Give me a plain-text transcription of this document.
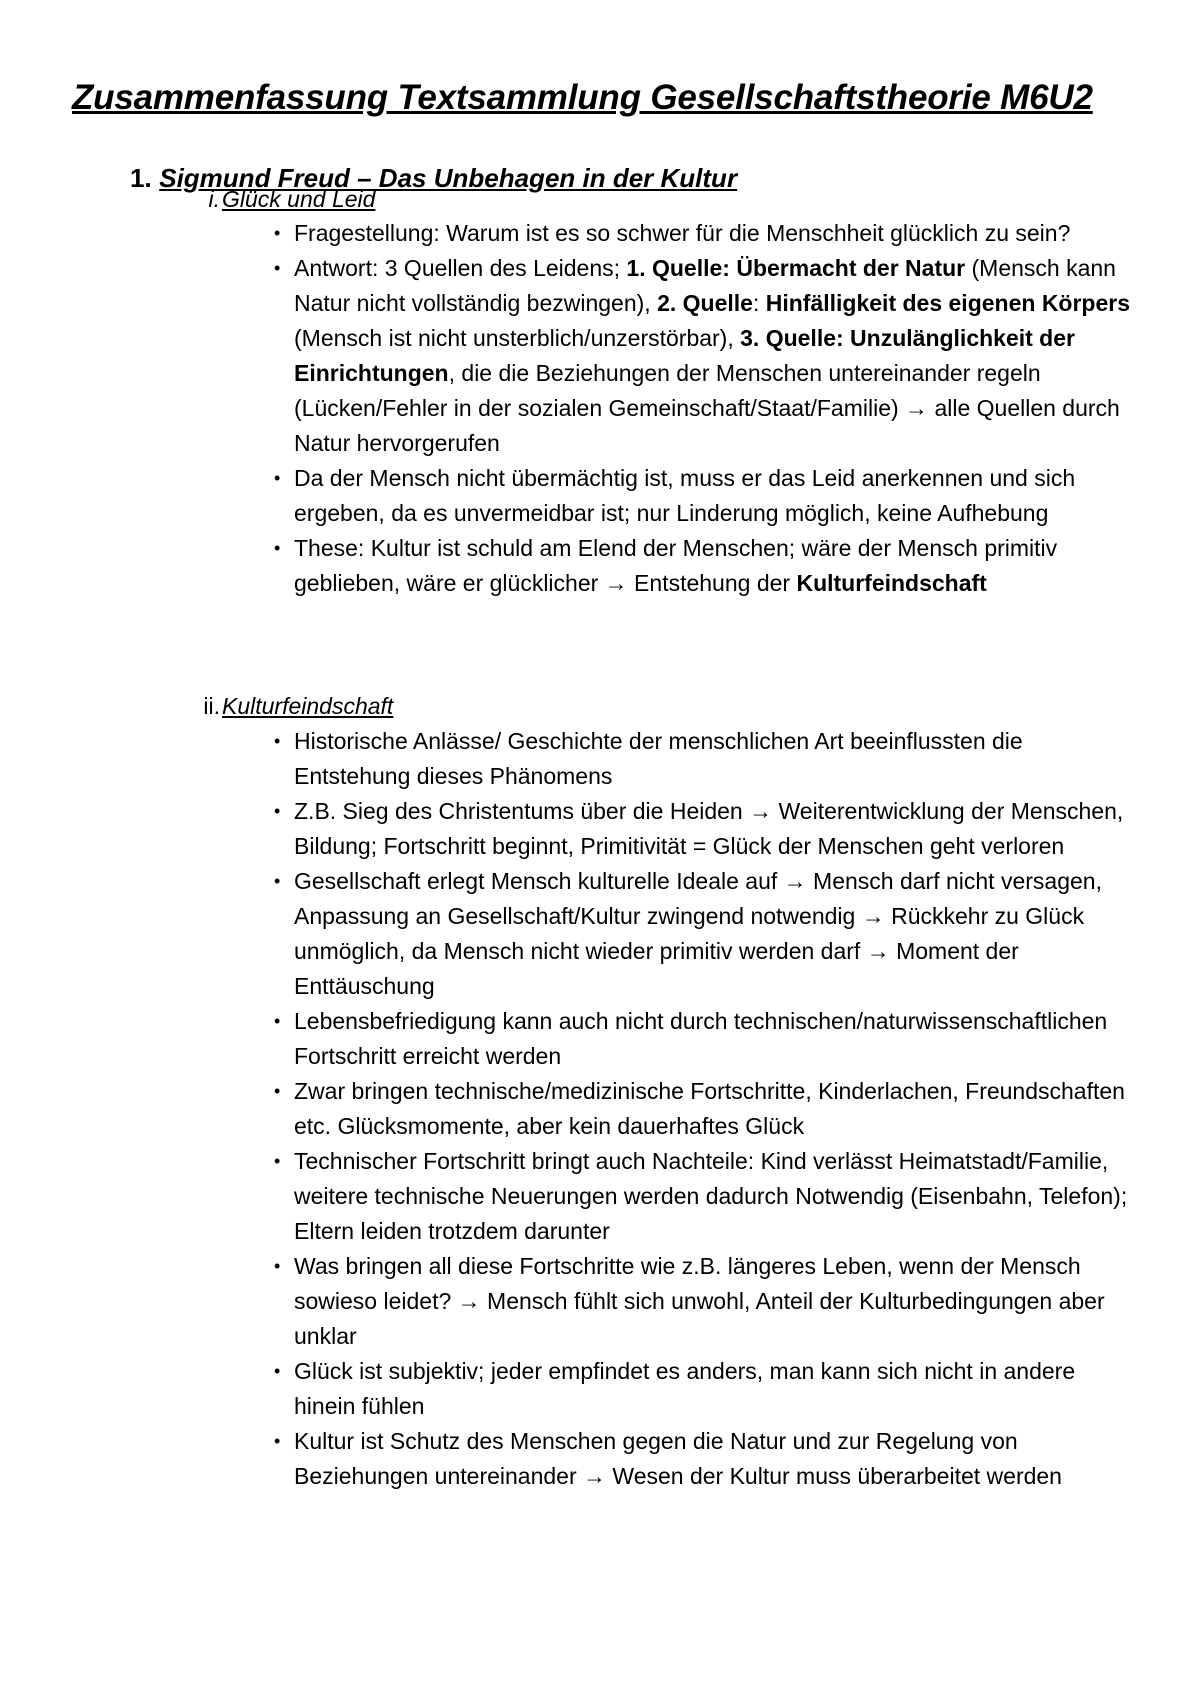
Zusammenfassung Textsammlung Gesellschaftstheorie M6U2
1. Sigmund Freud – Das Unbehagen in der Kultur
i. Glück und Leid
• Fragestellung: Warum ist es so schwer für die Menschheit glücklich zu sein?
• Antwort: 3 Quellen des Leidens; 1. Quelle: Übermacht der Natur (Mensch kann Natur nicht vollständig bezwingen), 2. Quelle: Hinfälligkeit des eigenen Körpers (Mensch ist nicht unsterblich/unzerstörbar), 3. Quelle: Unzulänglichkeit der Einrichtungen, die die Beziehungen der Menschen untereinander regeln (Lücken/Fehler in der sozialen Gemeinschaft/Staat/Familie) → alle Quellen durch Natur hervorgerufen
• Da der Mensch nicht übermächtig ist, muss er das Leid anerkennen und sich ergeben, da es unvermeidbar ist; nur Linderung möglich, keine Aufhebung
• These: Kultur ist schuld am Elend der Menschen; wäre der Mensch primitiv geblieben, wäre er glücklicher → Entstehung der Kulturfeindschaft
ii. Kulturfeindschaft
• Historische Anlässe/ Geschichte der menschlichen Art beeinflussten die Entstehung dieses Phänomens
• Z.B. Sieg des Christentums über die Heiden → Weiterentwicklung der Menschen, Bildung; Fortschritt beginnt, Primitivität = Glück der Menschen geht verloren
• Gesellschaft erlegt Mensch kulturelle Ideale auf → Mensch darf nicht versagen, Anpassung an Gesellschaft/Kultur zwingend notwendig → Rückkehr zu Glück unmöglich, da Mensch nicht wieder primitiv werden darf → Moment der Enttäuschung
• Lebensbefriedigung kann auch nicht durch technischen/naturwissenschaftlichen Fortschritt erreicht werden
• Zwar bringen technische/medizinische Fortschritte, Kinderlachen, Freundschaften etc. Glücksmomente, aber kein dauerhaftes Glück
• Technischer Fortschritt bringt auch Nachteile: Kind verlässt Heimatstadt/Familie, weitere technische Neuerungen werden dadurch Notwendig (Eisenbahn, Telefon); Eltern leiden trotzdem darunter
• Was bringen all diese Fortschritte wie z.B. längeres Leben, wenn der Mensch sowieso leidet? → Mensch fühlt sich unwohl, Anteil der Kulturbedingungen aber unklar
• Glück ist subjektiv; jeder empfindet es anders, man kann sich nicht in andere hinein fühlen
• Kultur ist Schutz des Menschen gegen die Natur und zur Regelung von Beziehungen untereinander → Wesen der Kultur muss überarbeitet werden
